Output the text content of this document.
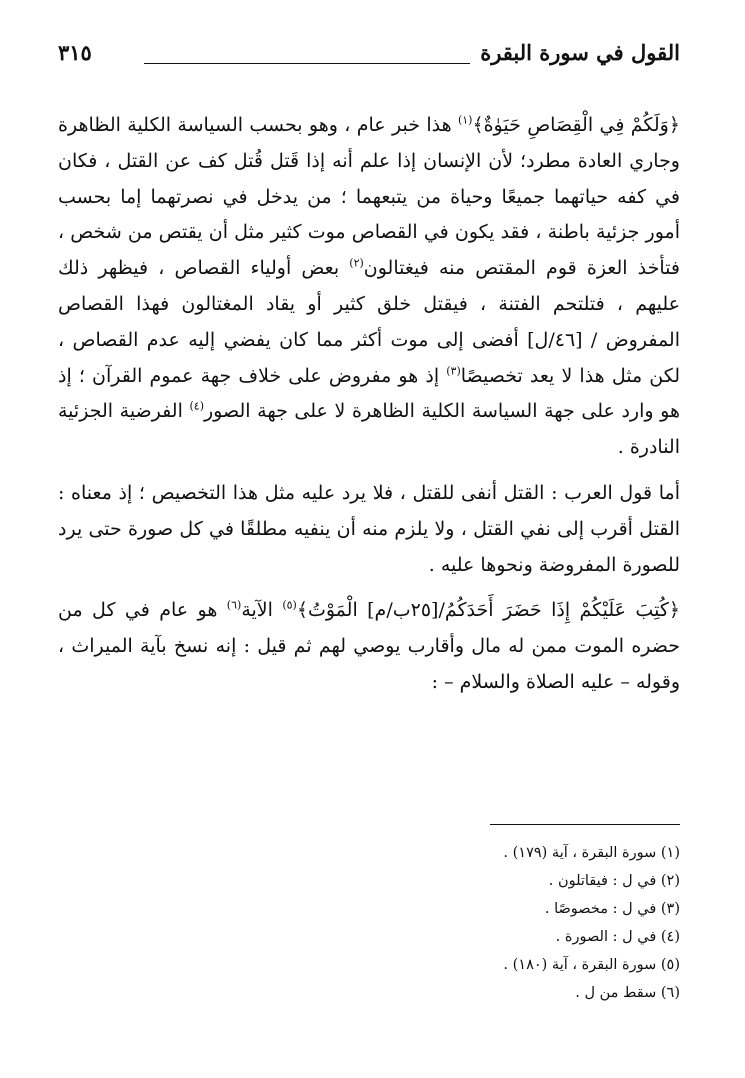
القول في سورة البقرة
٣١٥

﴿وَلَكُمْ فِي الْقِصَاصِ حَيَوٰةٌ﴾$^{(١)}$ هذا خبر عام ، وهو بحسب السياسة الكلية الظاهرة وجاري العادة مطرد؛ لأن الإنسان إذا علم أنه إذا قَتل قُتل كف عن القتل ، فكان في كفه حياتهما جميعًا وحياة من يتبعهما ؛ من يدخل في نصرتهما إما بحسب أمور جزئية باطنة ، فقد يكون في القصاص موت كثير مثل أن يقتص من شخص ، فتأخذ العزة قوم المقتص منه فيغتالون$^{(٢)}$ بعض أولياء القصاص ، فيظهر ذلك عليهم ، فتلتحم الفتنة ، فيقتل خلق كثير أو يقاد المغتالون فهذا القصاص المفروض / [٤٦/ل] أفضى إلى موت أكثر مما كان يفضي إليه عدم القصاص ، لكن مثل هذا لا يعد تخصيصًا$^{(٣)}$ إذ هو مفروض على خلاف جهة عموم القرآن ؛ إذ هو وارد على جهة السياسة الكلية الظاهرة لا على جهة الصور$^{(٤)}$ الفرضية الجزئية النادرة .

أما قول العرب : القتل أنفى للقتل ، فلا يرد عليه مثل هذا التخصيص ؛ إذ معناه : القتل أقرب إلى نفي القتل ، ولا يلزم منه أن ينفيه مطلقًا في كل صورة حتى يرد للصورة المفروضة ونحوها عليه .

﴿كُتِبَ عَلَيْكُمْ إِذَا حَضَرَ أَحَدَكُمُ/[٢٥ب/م] الْمَوْتُ﴾$^{(٥)}$ الآية$^{(٦)}$ هو عام في كل من حضره الموت ممن له مال وأقارب يوصي لهم ثم قيل : إنه نسخ بآية الميراث ، وقوله – عليه الصلاة والسلام – :

(١) سورة البقرة ، آية (١٧٩) .
(٢) في ل : فيقاتلون .
(٣) في ل : مخصوصًا .
(٤) في ل : الصورة .
(٥) سورة البقرة ، آية (١٨٠) .
(٦) سقط من ل .
